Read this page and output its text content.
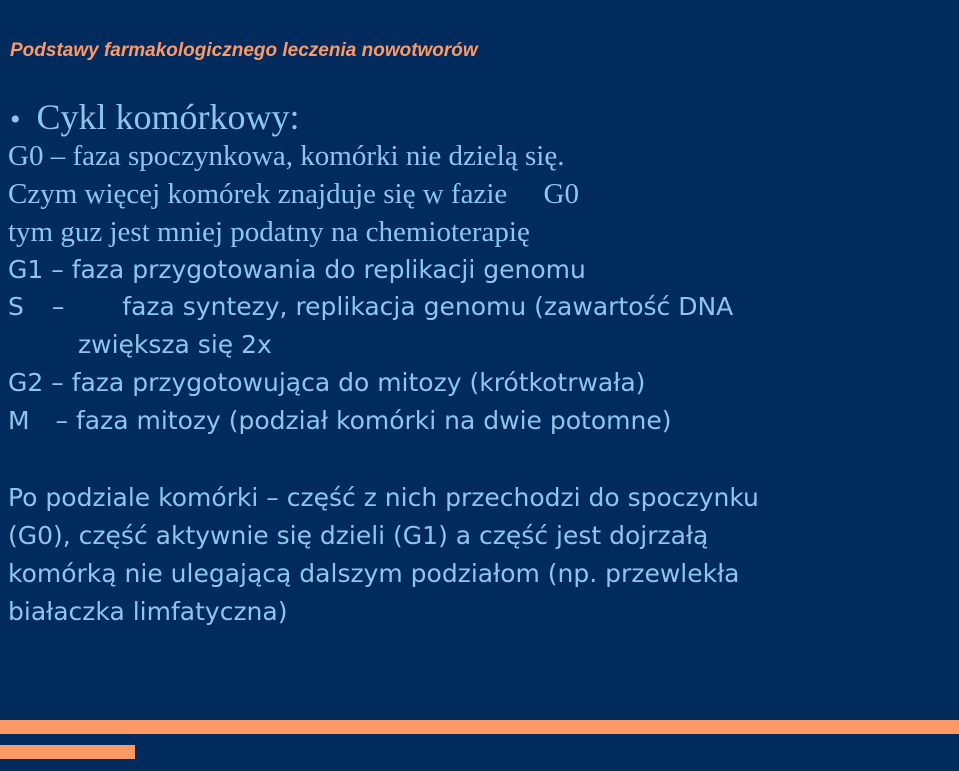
Podstawy farmakologicznego leczenia nowotworów
• Cykl komórkowy:
G0 – faza spoczynkowa, komórki nie dzielą się.
Czym więcej komórek znajduje się w fazie     G0
tym guz jest mniej podatny na chemioterapię
G1 – faza przygotowania do replikacji genomu
S – faza syntezy, replikacja genomu (zawartość DNA
zwiększa się 2x
G2 – faza przygotowująca do mitozy (krótkotrwała)
M – faza mitozy (podział komórki na dwie potomne)
Po podziale komórki – część z nich przechodzi do spoczynku
(G0), część aktywnie się dzieli (G1) a część jest dojrzałą
komórką nie ulegającą dalszym podziałom (np. przewlekła
białaczka limfatyczna)
